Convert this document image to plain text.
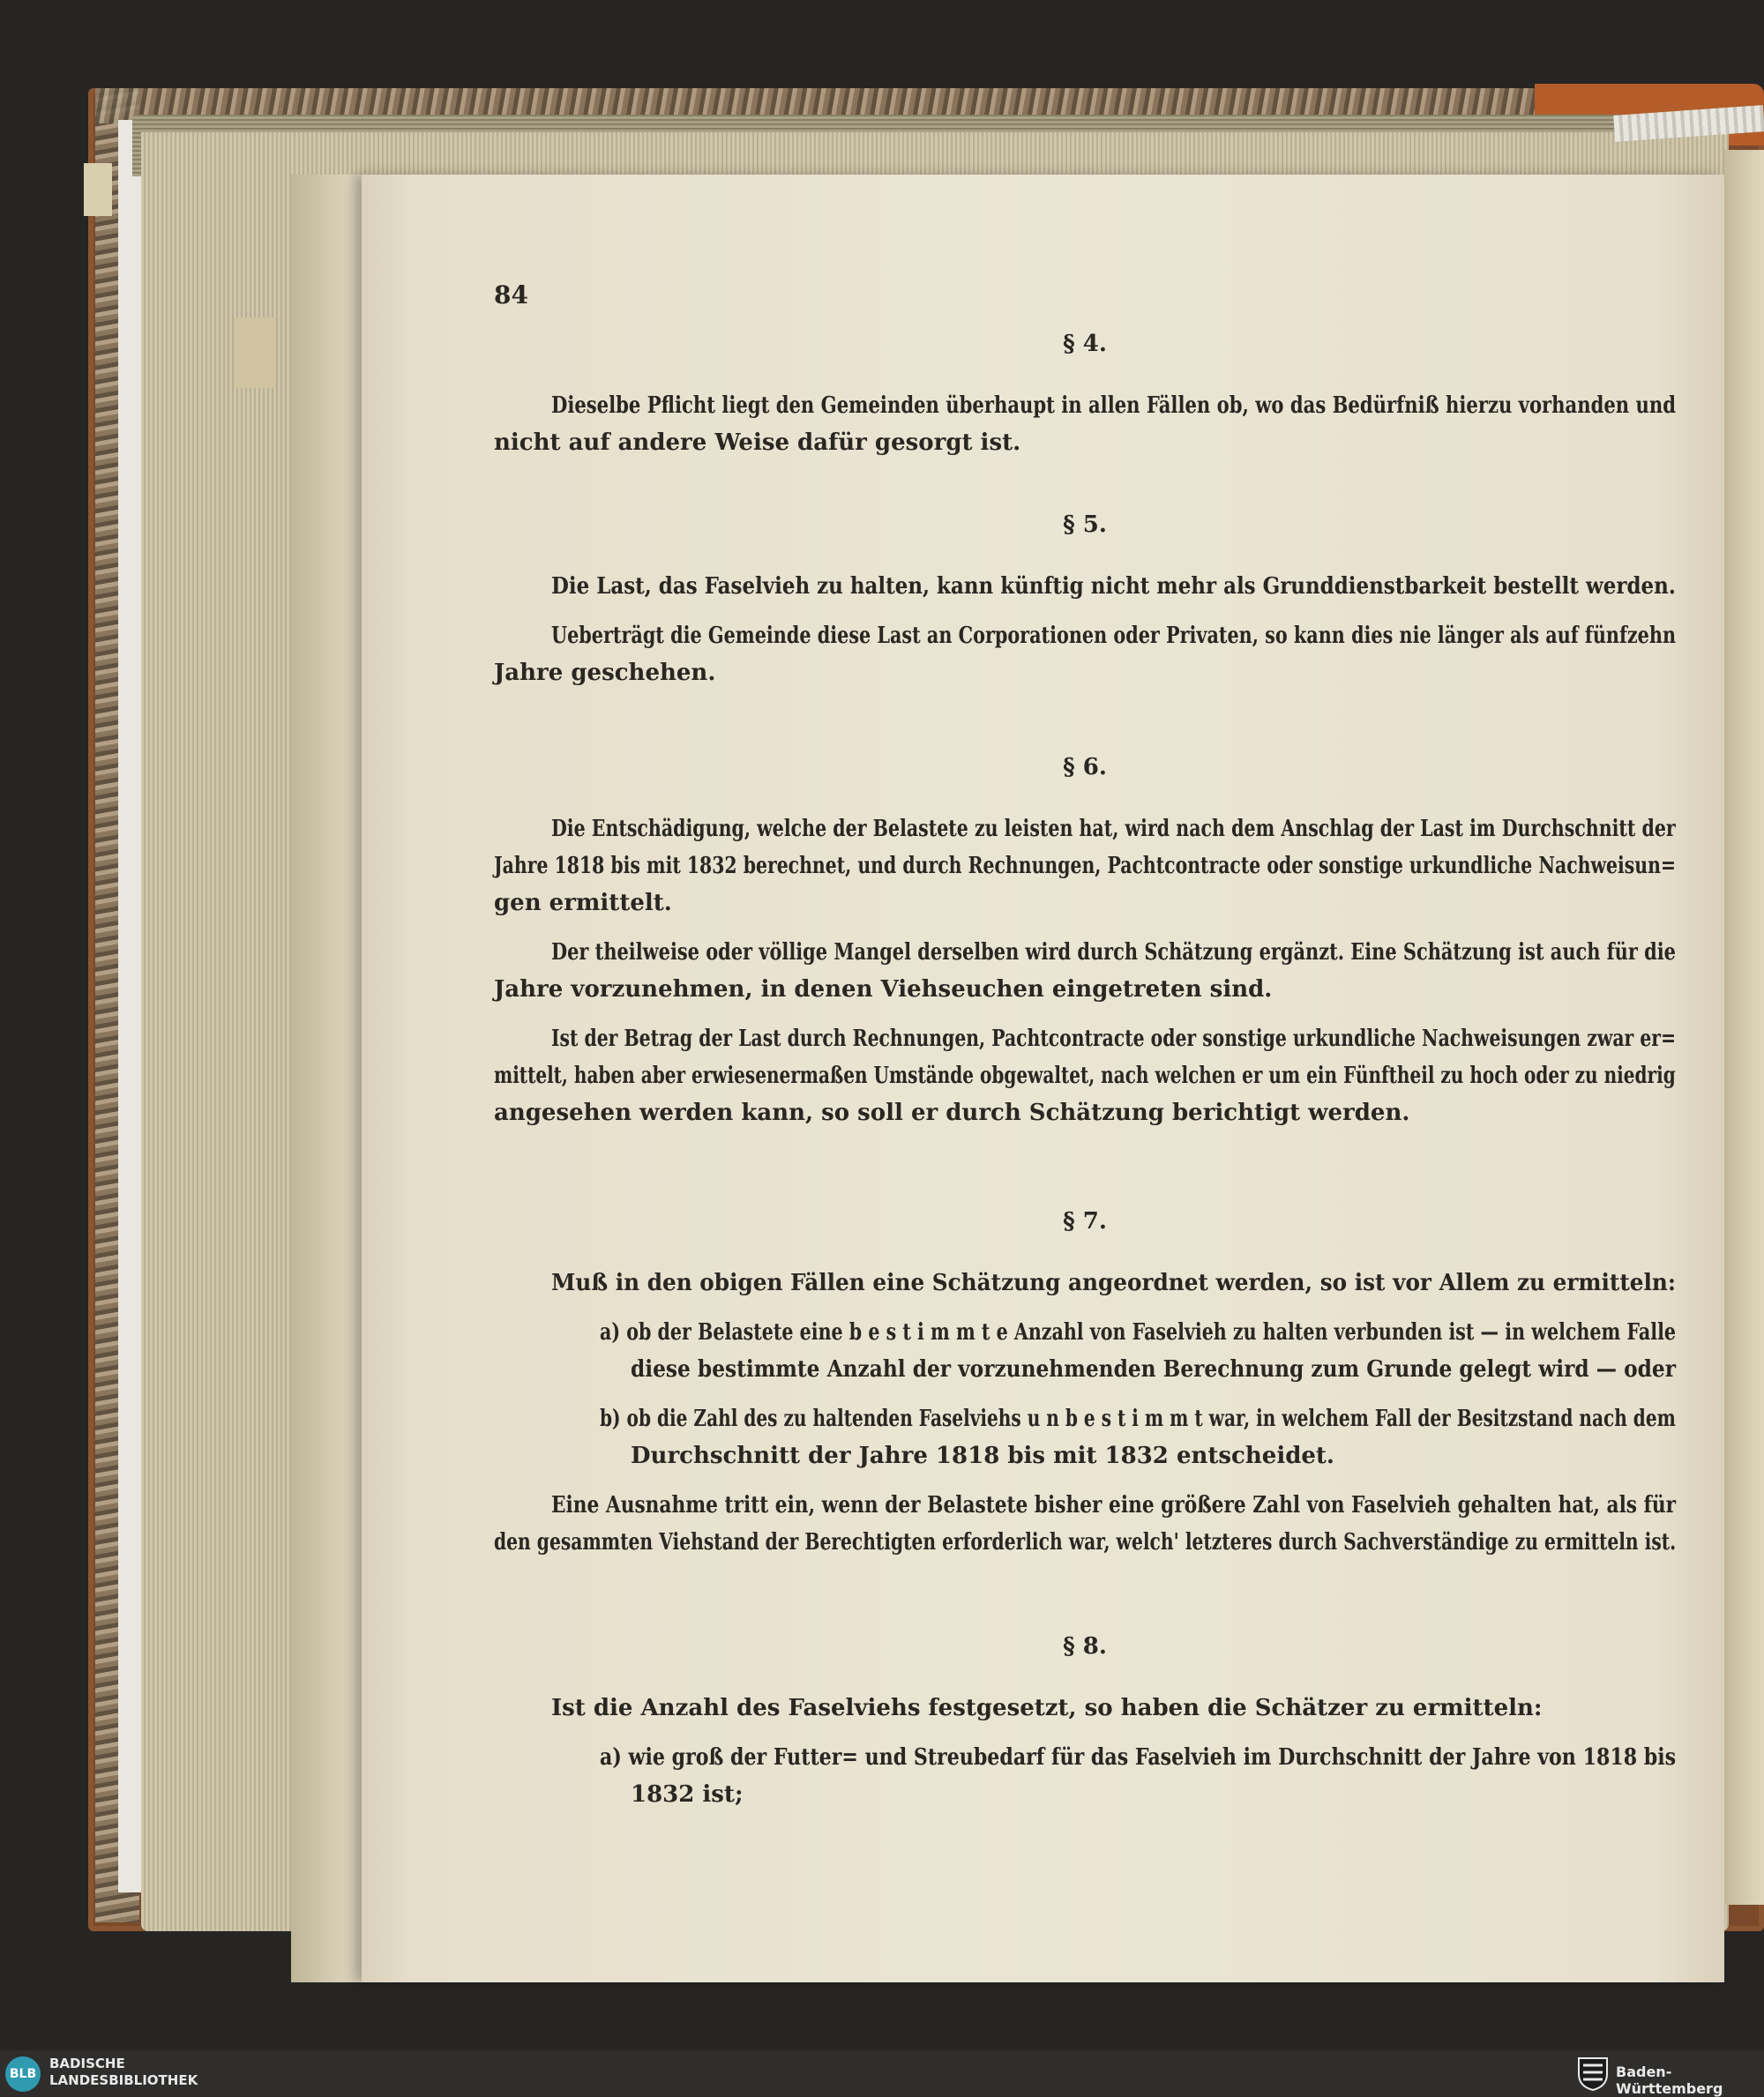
84
§ 4.
Dieselbe Pflicht liegt den Gemeinden überhaupt in allen Fällen ob, wo das Bedürfniß hierzu vorhanden und
nicht auf andere Weise dafür gesorgt ist.
§ 5.
Die Last, das Faselvieh zu halten, kann künftig nicht mehr als Grunddienstbarkeit bestellt werden.
Ueberträgt die Gemeinde diese Last an Corporationen oder Privaten, so kann dies nie länger als auf fünfzehn
Jahre geschehen.
§ 6.
Die Entschädigung, welche der Belastete zu leisten hat, wird nach dem Anschlag der Last im Durchschnitt der
Jahre 1818 bis mit 1832 berechnet, und durch Rechnungen, Pachtcontracte oder sonstige urkundliche Nachweisun=
gen ermittelt.
Der theilweise oder völlige Mangel derselben wird durch Schätzung ergänzt. Eine Schätzung ist auch für die
Jahre vorzunehmen, in denen Viehseuchen eingetreten sind.
Ist der Betrag der Last durch Rechnungen, Pachtcontracte oder sonstige urkundliche Nachweisungen zwar er=
mittelt, haben aber erwiesenermaßen Umstände obgewaltet, nach welchen er um ein Fünftheil zu hoch oder zu niedrig
angesehen werden kann, so soll er durch Schätzung berichtigt werden.
§ 7.
Muß in den obigen Fällen eine Schätzung angeordnet werden, so ist vor Allem zu ermitteln:
a) ob der Belastete eine b e s t i m m t e Anzahl von Faselvieh zu halten verbunden ist — in welchem Falle
diese bestimmte Anzahl der vorzunehmenden Berechnung zum Grunde gelegt wird — oder
b) ob die Zahl des zu haltenden Faselviehs u n b e s t i m m t war, in welchem Fall der Besitzstand nach dem
Durchschnitt der Jahre 1818 bis mit 1832 entscheidet.
Eine Ausnahme tritt ein, wenn der Belastete bisher eine größere Zahl von Faselvieh gehalten hat, als für
den gesammten Viehstand der Berechtigten erforderlich war, welch' letzteres durch Sachverständige zu ermitteln ist.
§ 8.
Ist die Anzahl des Faselviehs festgesetzt, so haben die Schätzer zu ermitteln:
a) wie groß der Futter= und Streubedarf für das Faselvieh im Durchschnitt der Jahre von 1818 bis
1832 ist;
BLB
BADISCHE
LANDESBIBLIOTHEK	Baden-Württemberg
